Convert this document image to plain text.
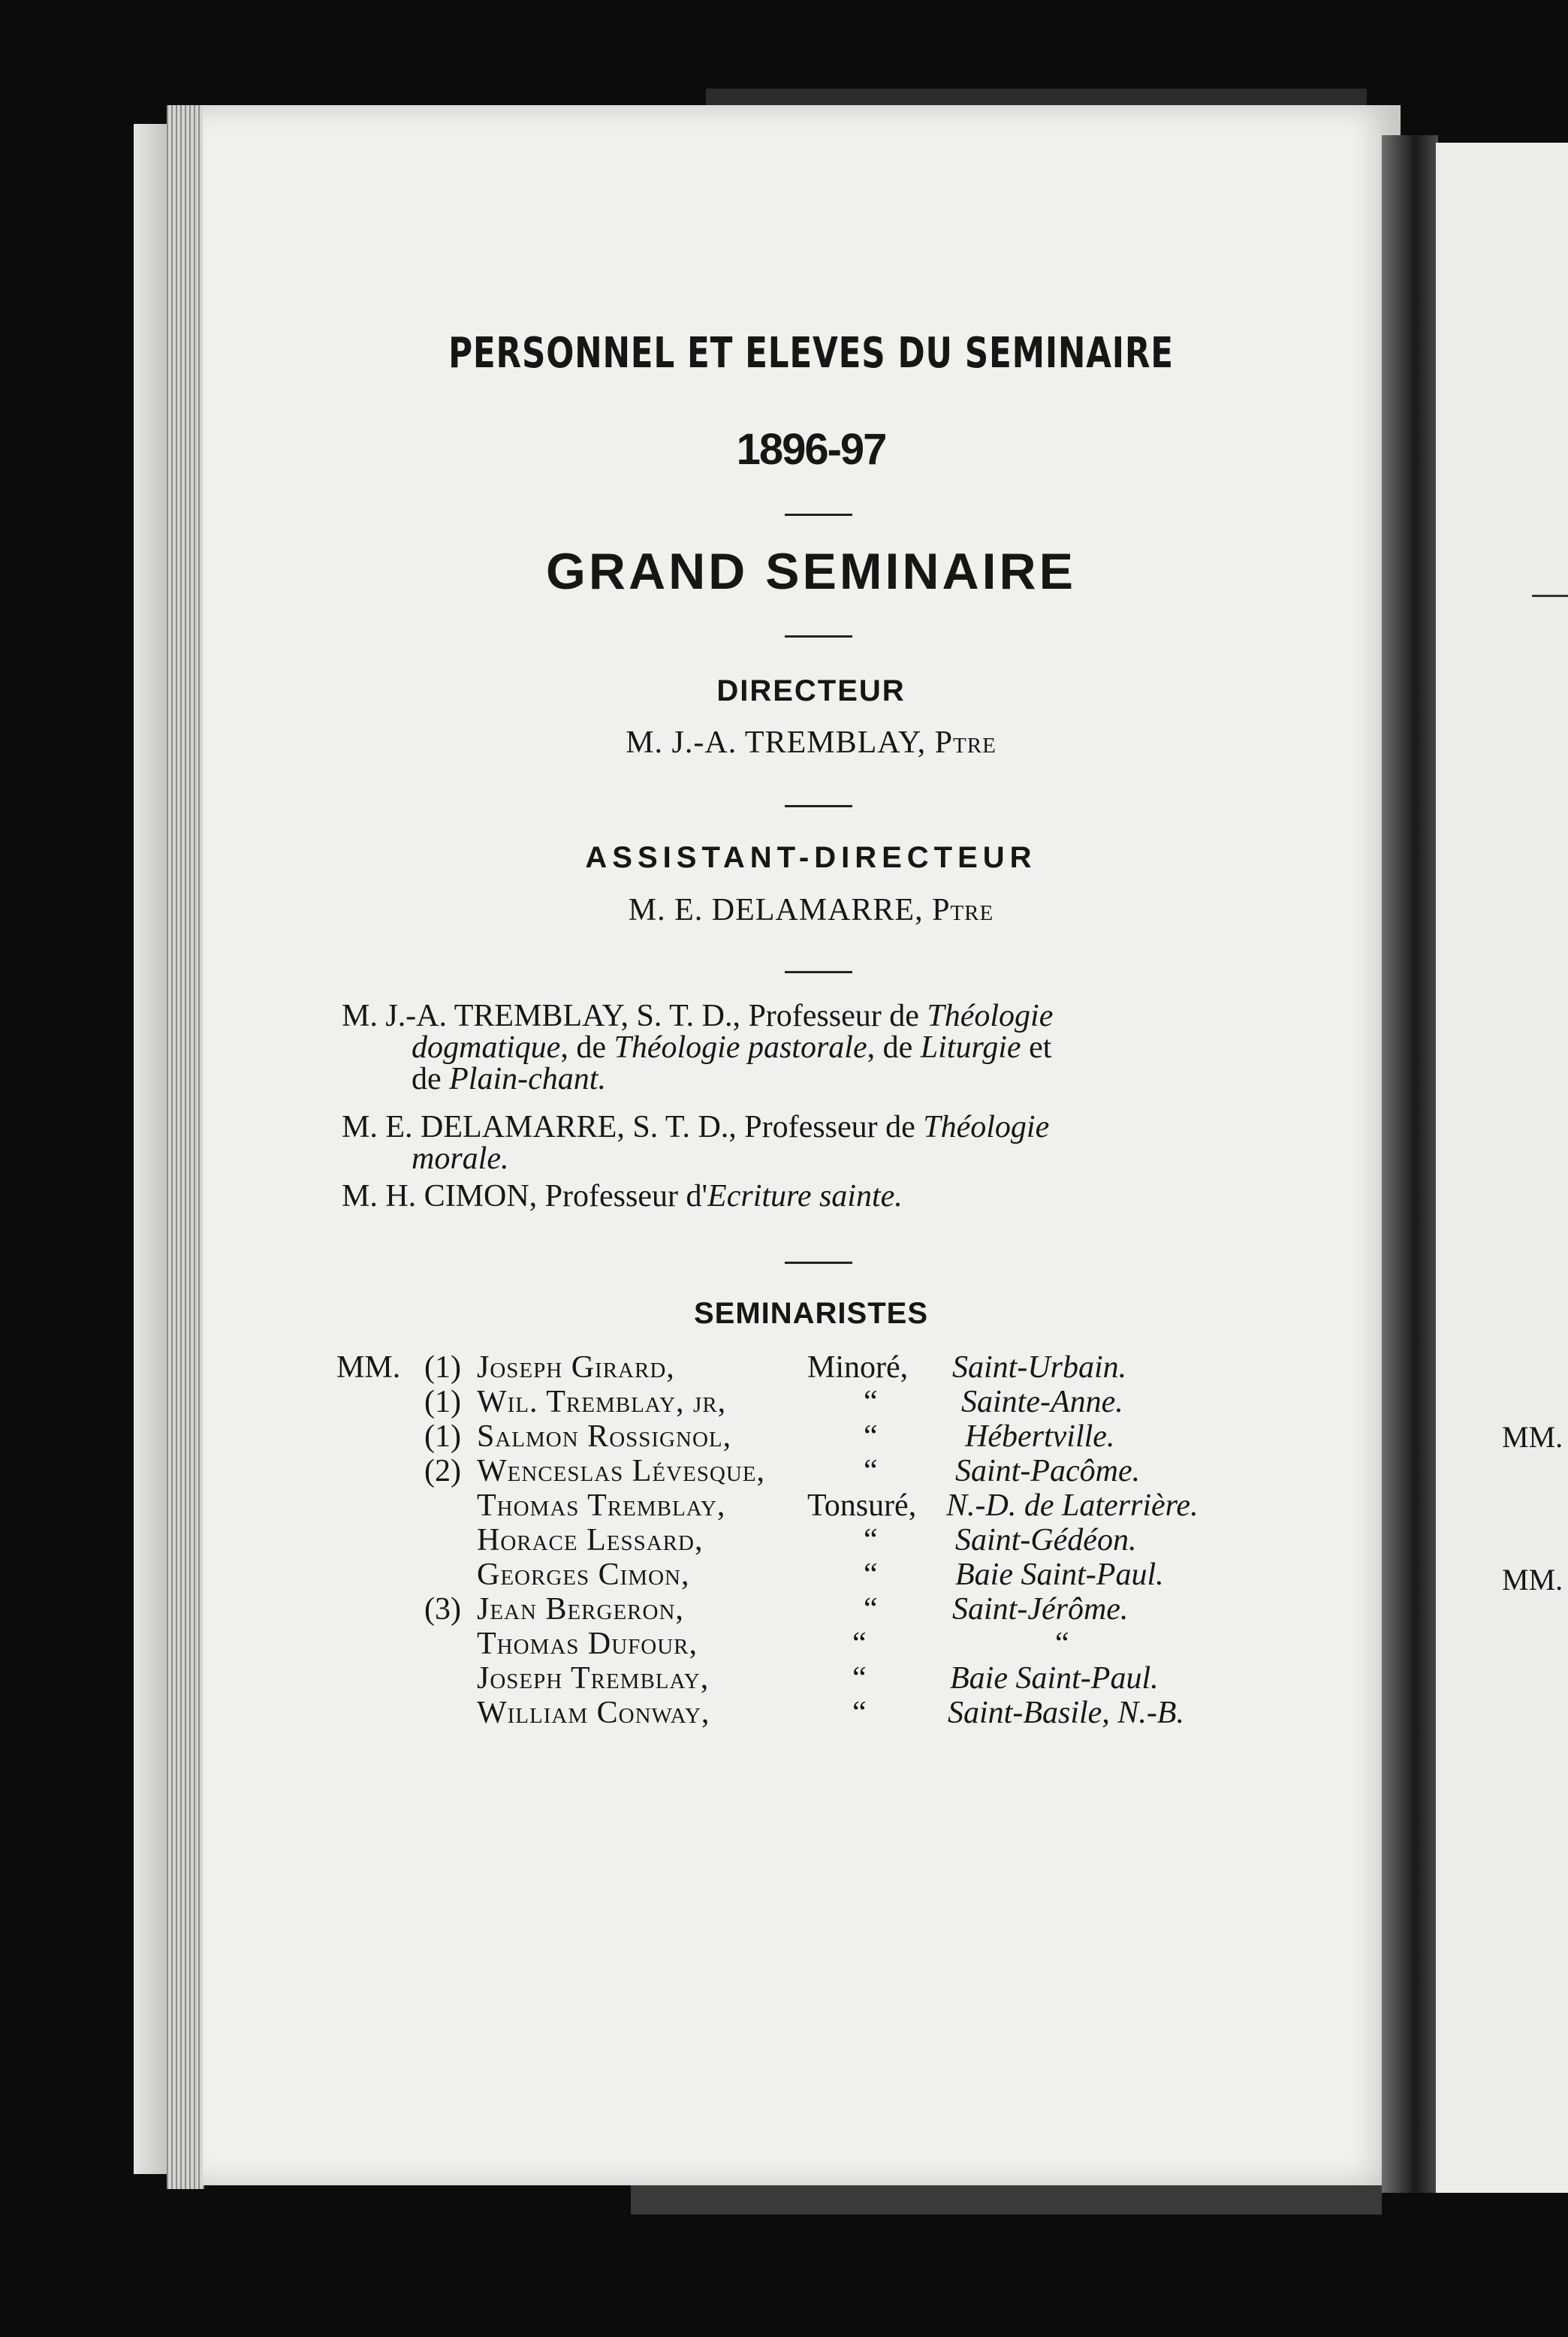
MM.
MM.
PERSONNEL ET ELEVES DU SEMINAIRE
1896-97
GRAND SEMINAIRE
DIRECTEUR
M. J.-A. TREMBLAY, Ptre
ASSISTANT-DIRECTEUR
M. E. DELAMARRE, Ptre
M. J.-A. TREMBLAY, S. T. D., Professeur de Théologie
dogmatique, de Théologie pastorale, de Liturgie et
de Plain-chant.
M. E. DELAMARRE, S. T. D., Professeur de Théologie
morale.
M. H. CIMON, Professeur d'Ecriture sainte.
SEMINARISTES
MM. (1) Joseph Girard,	Minoré, Saint-Urbain.
(1) Wil. Tremblay, jr,	“	Sainte-Anne.
(1) Salmon Rossignol,	“	Hébertville.
(2) Wenceslas Lévesque,	“ Saint-Pacôme.
Thomas Tremblay,	Tonsuré, N.-D. de Laterrière.
Horace Lessard,	“ Saint-Gédéon.
Georges Cimon,	“ Baie Saint-Paul.
(3) Jean Bergeron,	“ Saint-Jérôme.
Thomas Dufour,	“	“
Joseph Tremblay,	“	Baie Saint-Paul.
William Conway,	“	Saint-Basile, N.-B.
